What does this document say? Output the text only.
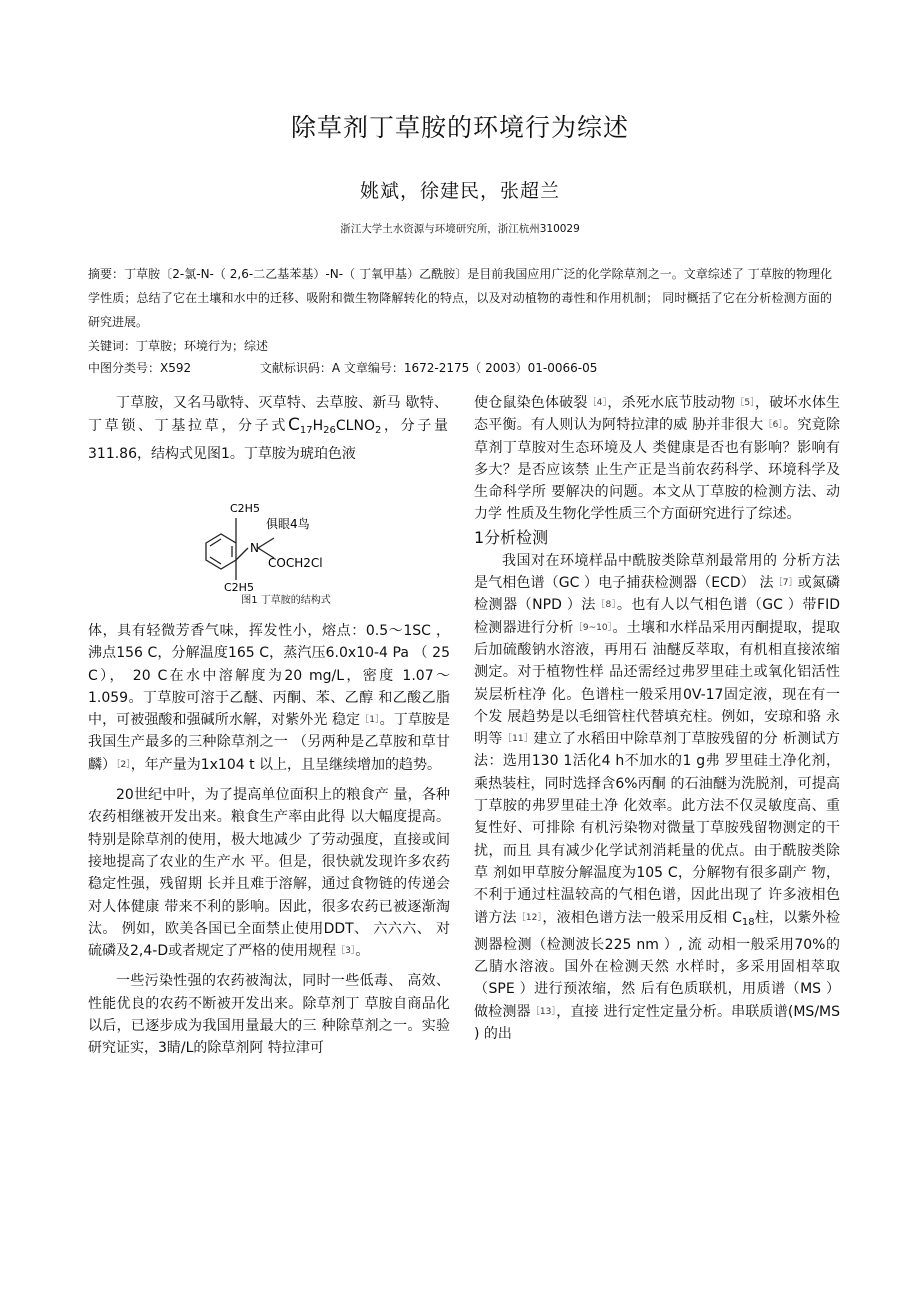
除草剂丁草胺的环境行为综述
姚斌，徐建民，张超兰
浙江大学土水资源与环境研究所，浙江杭州310029

摘要：丁草胺〔2-氯-N-（ 2,6-二乙基苯基）-N-（ 丁氧甲基）乙酰胺〕是目前我国应用广泛的化学除草剂之一。文章综述了 丁草胺的物理化学性质；总结了它在土壤和水中的迁移、吸附和微生物降解转化的特点，以及对动植物的毒性和作用机制； 同时概括了它在分析检测方面的研究进展。

关键词：丁草胺；环境行为；综述

中图分类号：X592	文献标识码：A 文章编号：1672-2175（ 2003）01-0066-05

丁草胺，又名马歇特、灭草特、去草胺、新马 歇特、丁草锁、丁基拉草，分子式$C_{17}H_{26}CLNO_2$，分子量311.86，结构式见图1。丁草胺为琥珀色液

C2H5
俱眼4鸟
N
COCH2Cl
C2H5
图1 丁草胺的结构式

体，具有轻微芳香气味，挥发性小，熔点：0.5〜1SC ， 沸点156 C，分解温度165 C，蒸汽压6.0x10-4 Pa （ 25 C）， 20 C在水中溶解度为20 mg/L，密度 1.07〜1.059。丁草胺可溶于乙醚、丙酮、苯、乙醇 和乙酸乙脂中，可被强酸和强碱所水解，对紫外光 稳定［1］。丁草胺是我国生产最多的三种除草剂之一 （另两种是乙草胺和草甘麟）［2］，年产量为1x104 t 以上，且呈继续增加的趋势。

20世纪中叶，为了提高单位面积上的粮食产 量，各种农药相继被开发出来。粮食生产率由此得 以大幅度提高。特别是除草剂的使用，极大地减少 了劳动强度，直接或间接地提高了农业的生产水 平。但是，很快就发现许多农药稳定性强，残留期 长并且难于溶解，通过食物链的传递会对人体健康 带来不利的影响。因此，很多农药已被逐渐淘汰。 例如，欧美各国已全面禁止使用DDT、 六六六、 对 硫磷及2,4-D或者规定了严格的使用规程［3］。

一些污染性强的农药被淘汰，同时一些低毒、 高效、性能优良的农药不断被开发出来。除草剂丁 草胺自商品化以后，已逐步成为我国用量最大的三 种除草剂之一。实验研究证实，3睛/L的除草剂阿 特拉津可

使仓鼠染色体破裂［4］，杀死水底节肢动物［5］，破坏水体生态平衡。有人则认为阿特拉津的威 胁并非很大［6］。究竟除草剂丁草胺对生态环境及人 类健康是否也有影响？影响有多大？是否应该禁 止生产正是当前农药科学、环境科学及生命科学所 要解决的问题。本文从丁草胺的检测方法、动力学 性质及生物化学性质三个方面研究进行了综述。

1分析检测

我国对在环境样品中酰胺类除草剂最常用的 分析方法是气相色谱（GC ）电子捕获检测器（ECD） 法［7］或氮磷检测器（NPD ）法［8］。也有人以气相色谱（GC ）带FID检测器进行分析［9~10］。土壤和水样品采用丙酮提取，提取后加硫酸钠水溶液，再用石 油醚反萃取，有机相直接浓缩测定。对于植物性样 品还需经过弗罗里硅土或氧化铝活性炭层析柱净 化。色谱柱一般采用0V-17固定液，现在有一个发 展趋势是以毛细管柱代替填充柱。例如，安琼和骆 永明等［11］建立了水稻田中除草剂丁草胺残留的分 析测试方法：选用130 1活化4 h不加水的1 g弗 罗里硅土净化剂，乘热装柱，同时选择含6%丙酮 的石油醚为洗脱剂，可提高丁草胺的弗罗里硅土净 化效率。此方法不仅灵敏度高、重复性好、可排除 有机污染物对微量丁草胺残留物测定的干扰，而且 具有减少化学试剂消耗量的优点。由于酰胺类除草 剂如甲草胺分解温度为105 C，分解物有很多副产 物，不利于通过柱温较高的气相色谱，因此出现了 许多液相色谱方法［12］，液相色谱方法一般采用反相 $C_{18}$柱，以紫外检测器检测（检测波长225 nm ）, 流 动相一般采用70%的乙腈水溶液。国外在检测天然 水样时，多采用固相萃取（SPE ）进行预浓缩，然 后有色质联机，用质谱（MS ）做检测器［13］，直接 进行定性定量分析。串联质谱(MS/MS ) 的出
